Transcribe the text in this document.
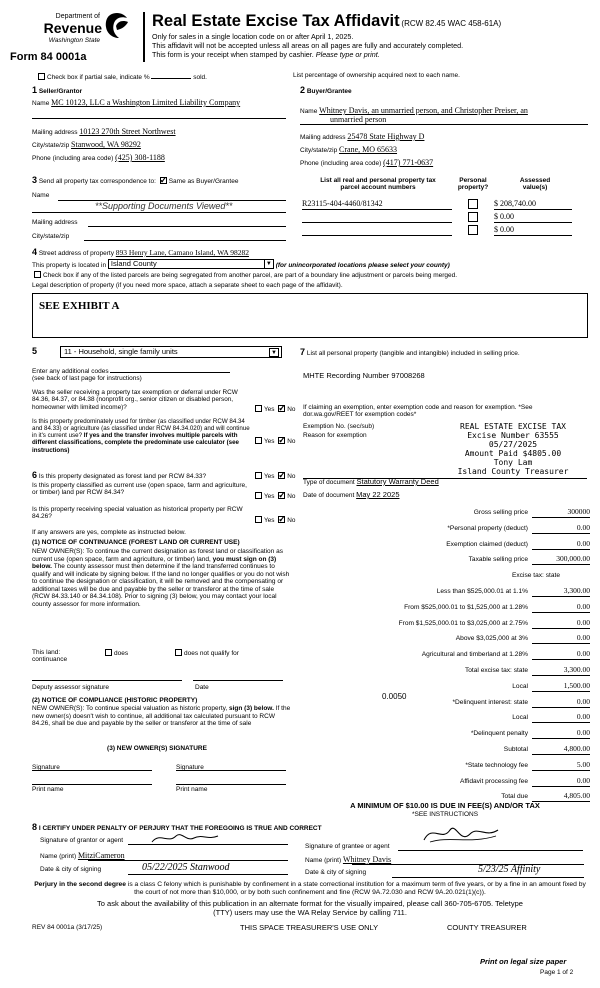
Department of
Revenue
Washington State
Form 84 0001a
Real Estate Excise Tax Affidavit (RCW 82.45 WAC 458-61A)
Only for sales in a single location code on or after April 1, 2025.
This affidavit will not be accepted unless all areas on all pages are fully and accurately completed.
This form is your receipt when stamped by cashier. Please type or print.
Check box if partial sale, indicate %	sold.	List percentage of ownership acquired next to each name.
1 Seller/Grantor
Name MC 10123, LLC a Washington Limited Liability Company
Mailing address 10123 270th Street Northwest
City/state/zip Stanwood, WA 98292
Phone (including area code) (425) 308-1188
2 Buyer/Grantee
Name Whitney Davis, an unmarried person, and Christopher Preiser, an
unmarried person
Mailing address 25478 State Highway D
City/state/zip Crane, MO 65633
Phone (including area code) (417) 771-0637
3 Send all property tax correspondence to: ✓ Same as Buyer/Grantee
Name
**Supporting Documents Viewed**
Mailing address
City/state/zip
List all real and personal property tax
parcel account numbers
Personal
property?
Assessed
value(s)
R23115-404-4460/81342	$ 208,740.00
$ 0.00
$ 0.00
4 Street address of property 893 Henry Lane, Camano Island, WA 98282
This property is located in Island County	▼ (for unincorporated locations please select your county)
Check box if any of the listed parcels are being segregated from another parcel, are part of a boundary line adjustment or parcels being merged.
Legal description of property (if you need more space, attach a separate sheet to each page of the affidavit).
SEE EXHIBIT A
5	11 - Household, single family units	▼
Enter any additional codes
(see back of last page for instructions)
Was the seller receiving a property tax exemption or deferral under RCW 84.36, 84.37, or 84.38 (nonprofit org., senior citizen or disabled person, homeowner with limited income)?	Yes ✓ No
Is this property predominately used for timber (as classified under RCW 84.34 and 84.33) or agriculture (as classified under RCW 84.34.020) and will continue in it's current use? If yes and the transfer involves multiple parcels with different classifications, complete the predominate use calculator (see instructions)
Yes ✓ No
6 Is this property designated as forest land per RCW 84.33?	Yes ✓ No
Is this property classified as current use (open space, farm and agriculture, or timber) land per RCW 84.34?
Yes ✓ No
Is this property receiving special valuation as historical property per RCW 84.26?
Yes ✓ No
If any answers are yes, complete as instructed below.
(1) NOTICE OF CONTINUANCE (FOREST LAND OR CURRENT USE)
NEW OWNER(S): To continue the current designation as forest land or classification as current use (open space, farm and agriculture, or timber) land, you must sign on (3) below. The county assessor must then determine if the land transferred continues to qualify and will indicate by signing below. If the land no longer qualifies or you do not wish to continue the designation or classification, it will be removed and the compensating or additional taxes will be due and payable by the seller or transferor at the time of sale (RCW 84.33.140 or 84.34.108). Prior to signing (3) below, you may contact your local county assessor for more information.
This land:
continuance
does	does not qualify for
Deputy assessor signature	Date
(2) NOTICE OF COMPLIANCE (HISTORIC PROPERTY)
NEW OWNER(S): To continue special valuation as historic property, sign (3) below. If the new owner(s) doesn't wish to continue, all additional tax calculated pursuant to RCW 84.26, shall be due and payable by the seller or transferor at the time of sale
(3) NEW OWNER(S) SIGNATURE
Signature	Signature
Print name	Print name
7 List all personal property (tangible and intangible) included in selling price.
MHTE Recording Number 97008268
If claiming an exemption, enter exemption code and reason for exemption. *See dor.wa.gov/REET for exemption codes*
Exemption No. (sec/sub)
Reason for exemption
REAL ESTATE EXCISE TAX
Excise Number 63555
05/27/2025
Amount Paid $4805.00
Tony Lam
Island County Treasurer
Type of document Statutory Warranty Deed
Date of document May 22 2025
Gross selling price	300000
*Personal property (deduct)	0.00
Exemption claimed (deduct)	0.00
Taxable selling price	300,000.00
Excise tax: state
Less than $525,000.01 at 1.1%	3,300.00
From $525,000.01 to $1,525,000 at 1.28%	0.00
From $1,525,000.01 to $3,025,000 at 2.75%	0.00
Above $3,025,000 at 3%	0.00
Agricultural and timberland at 1.28%	0.00
Total excise tax: state	3,300.00
Local	1,500.00
*Delinquent interest: state	0.00
Local	0.00
*Delinquent penalty	0.00
Subtotal	4,800.00
*State technology fee	5.00
Affidavit processing fee	0.00
Total due	4,805.00
0.0050
A MINIMUM OF $10.00 IS DUE IN FEE(S) AND/OR TAX
*SEE INSTRUCTIONS
8 I CERTIFY UNDER PENALTY OF PERJURY THAT THE FOREGOING IS TRUE AND CORRECT
Signature of grantor or agent
Name (print) MitziCameron
Date & city of signing	05/22/2025 Stanwood
Signature of grantee or agent
Name (print) Whitney Davis
Date & city of signing	5/23/25 Affinity
Perjury in the second degree is a class C felony which is punishable by confinement in a state correctional institution for a maximum term of five years, or by a fine in an amount fixed by the court of not more than $10,000, or by both such confinement and fine (RCW 9A.72.030 and RCW 9A.20.021(1)(c)).
To ask about the availability of this publication in an alternate format for the visually impaired, please call 360-705-6705. Teletype
(TTY) users may use the WA Relay Service by calling 711.
REV 84 0001a (3/17/25)	THIS SPACE TREASURER'S USE ONLY	COUNTY TREASURER
Print on legal size paper
Page 1 of 2
